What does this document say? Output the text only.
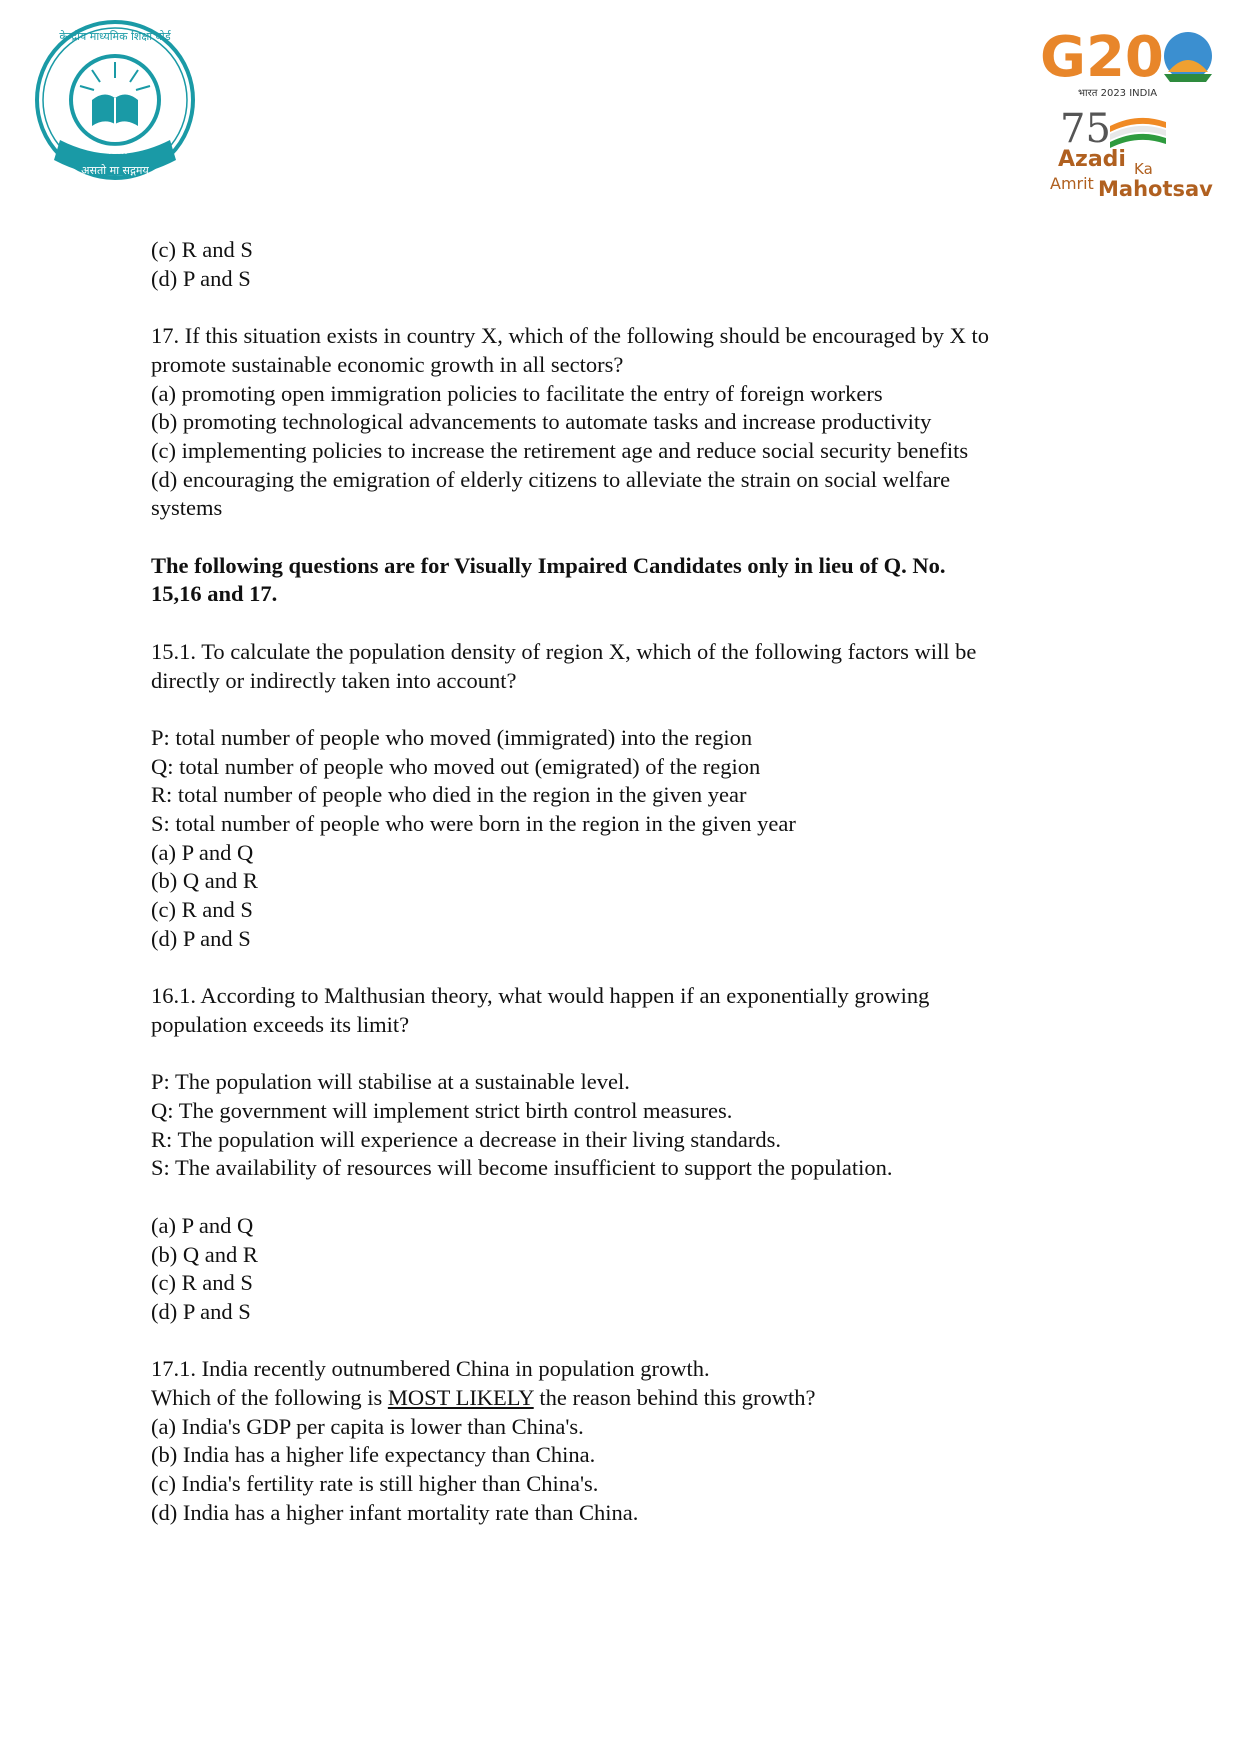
भारत
असतो मा सद्गमय
केन्द्रीय माध्यमिक शिक्षा बोर्ड	G20
भारत 2023 INDIA
75
Azadi Ka
Amrit Mahotsav
(c) R and S
(d) P and S
17. If this situation exists in country X, which of the following should be encouraged by X to
promote sustainable economic growth in all sectors?
(a) promoting open immigration policies to facilitate the entry of foreign workers
(b) promoting technological advancements to automate tasks and increase productivity
(c) implementing policies to increase the retirement age and reduce social security benefits
(d) encouraging the emigration of elderly citizens to alleviate the strain on social welfare
systems
The following questions are for Visually Impaired Candidates only in lieu of Q. No.
15,16 and 17.
15.1. To calculate the population density of region X, which of the following factors will be
directly or indirectly taken into account?
P: total number of people who moved (immigrated) into the region
Q: total number of people who moved out (emigrated) of the region
R: total number of people who died in the region in the given year
S: total number of people who were born in the region in the given year
(a) P and Q
(b) Q and R
(c) R and S
(d) P and S
16.1. According to Malthusian theory, what would happen if an exponentially growing
population exceeds its limit?
P: The population will stabilise at a sustainable level.
Q: The government will implement strict birth control measures.
R: The population will experience a decrease in their living standards.
S: The availability of resources will become insufficient to support the population.
(a) P and Q
(b) Q and R
(c) R and S
(d) P and S
17.1. India recently outnumbered China in population growth.
Which of the following is MOST LIKELY the reason behind this growth?
(a) India's GDP per capita is lower than China's.
(b) India has a higher life expectancy than China.
(c) India's fertility rate is still higher than China's.
(d) India has a higher infant mortality rate than China.
